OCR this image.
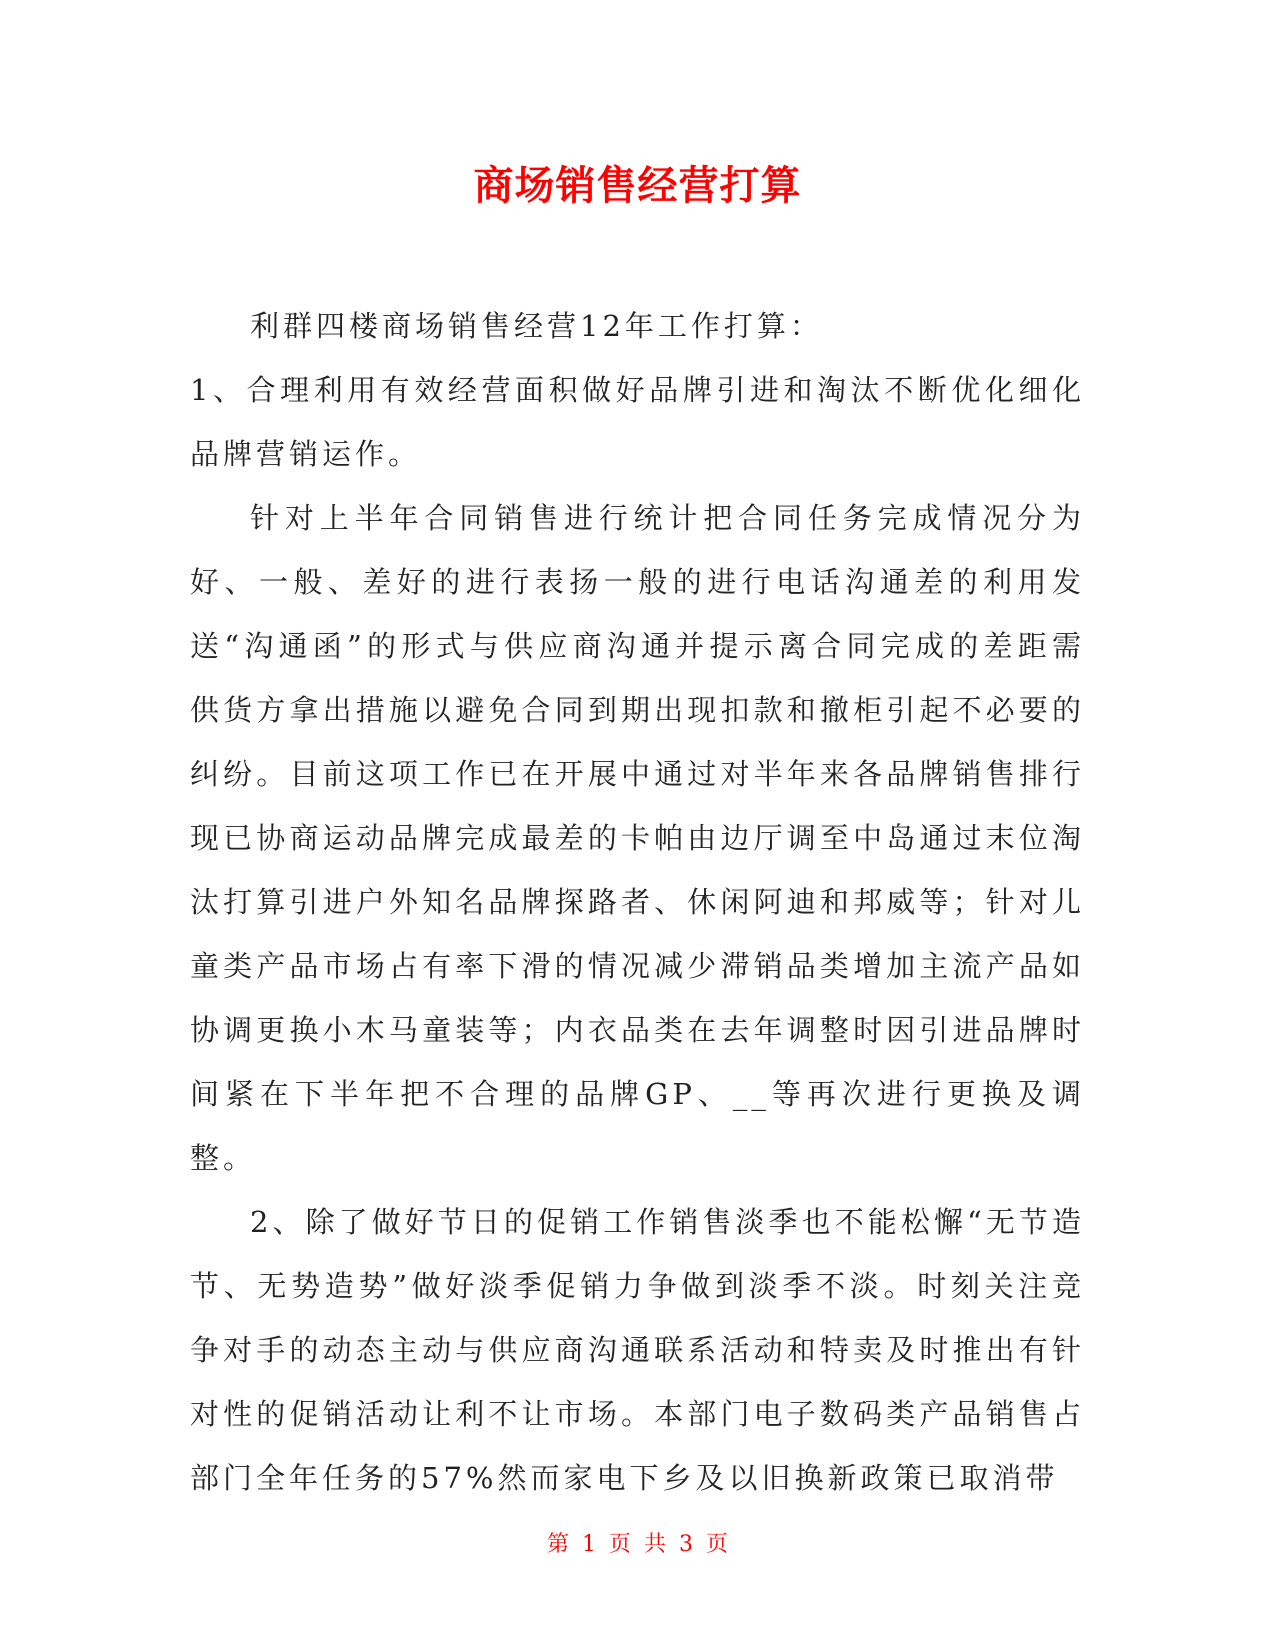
商场销售经营打算

利群四楼商场销售经营12年工作打算：

1、合理利用有效经营面积做好品牌引进和淘汰不断优化细化品牌营销运作。

针对上半年合同销售进行统计把合同任务完成情况分为好、一般、差好的进行表扬一般的进行电话沟通差的利用发送“沟通函”的形式与供应商沟通并提示离合同完成的差距需供货方拿出措施以避免合同到期出现扣款和撤柜引起不必要的纠纷。目前这项工作已在开展中通过对半年来各品牌销售排行现已协商运动品牌完成最差的卡帕由边厅调至中岛通过末位淘汰打算引进户外知名品牌探路者、休闲阿迪和邦威等；针对儿童类产品市场占有率下滑的情况减少滞销品类增加主流产品如协调更换小木马童装等；内衣品类在去年调整时因引进品牌时间紧在下半年把不合理的品牌GP、__等再次进行更换及调整。

2、除了做好节日的促销工作销售淡季也不能松懈“无节造节、无势造势”做好淡季促销力争做到淡季不淡。时刻关注竞争对手的动态主动与供应商沟通联系活动和特卖及时推出有针对性的促销活动让利不让市场。本部门电子数码类产品销售占部门全年任务的57%然而家电下乡及以旧换新政策已取消带

第 1 页 共 3 页
